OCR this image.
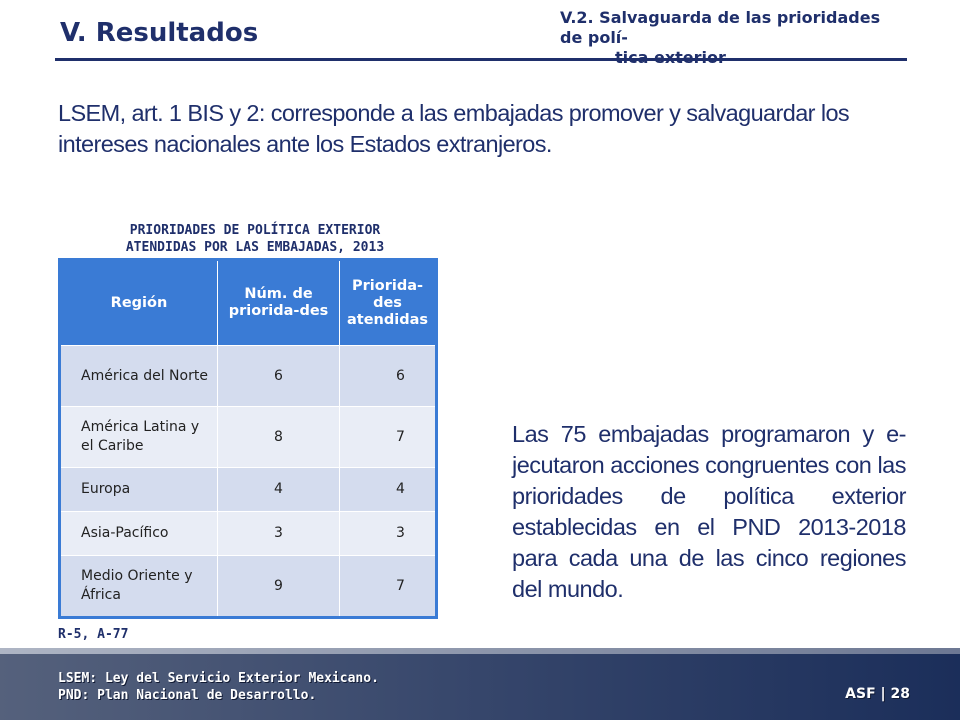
V. Resultados
V.2. Salvaguarda de las prioridades de polí-
LSEM, art. 1 BIS y 2: corresponde a las embajadas promover y salvaguardar los intereses nacionales ante los Estados extranjeros.
PRIORIDADES DE POLÍTICA EXTERIOR
ATENDIDAS POR LAS EMBAJADAS, 2013
Región	Núm. de priorida-des	Priorida-des atendidas
América del Norte	6	6
América Latina y el Caribe	8	7
Europa	4	4
Asia-Pacífico	3	3
Medio Oriente y África	9	7
Las 75 embajadas programaron y e-jecutaron acciones congruentes con las prioridades de política exterior establecidas en el PND 2013-2018 para cada una de las cinco regiones del mundo.
R-5, A-77
LSEM: Ley del Servicio Exterior Mexicano.
PND: Plan Nacional de Desarrollo.	ASF | 28
